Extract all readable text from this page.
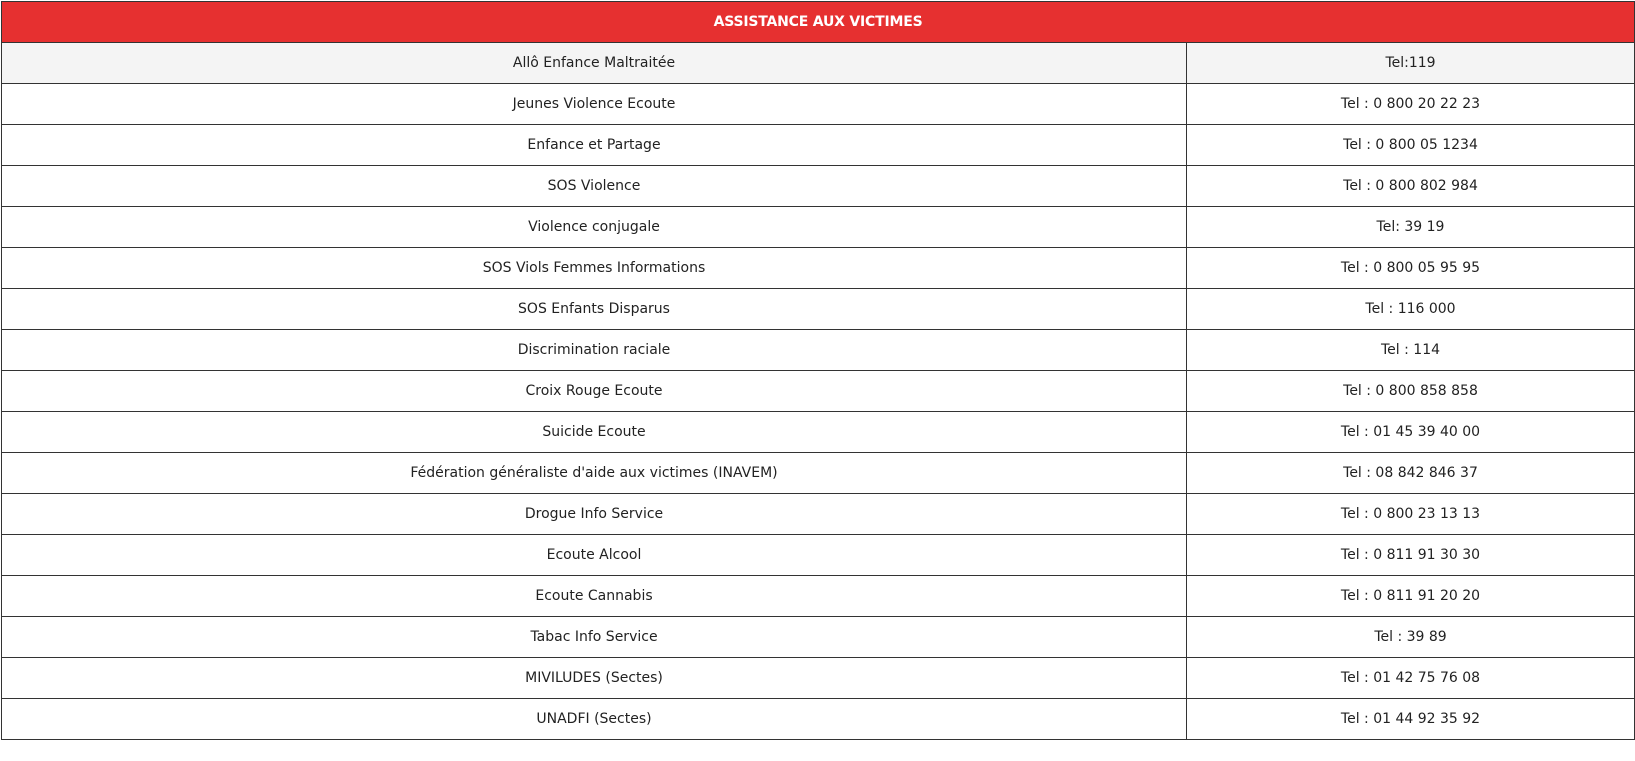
ASSISTANCE AUX VICTIMES	
Allô Enfance Maltraitée	Tel:119
Jeunes Violence Ecoute	Tel : 0 800 20 22 23
Enfance et Partage	Tel : 0 800 05 1234
SOS Violence	Tel : 0 800 802 984
Violence conjugale	Tel: 39 19
SOS Viols Femmes Informations	Tel : 0 800 05 95 95
SOS Enfants Disparus	Tel : 116 000
Discrimination raciale	Tel : 114
Croix Rouge Ecoute	Tel : 0 800 858 858
Suicide Ecoute	Tel : 01 45 39 40 00
Fédération généraliste d'aide aux victimes (INAVEM)	Tel : 08 842 846 37
Drogue Info Service	Tel : 0 800 23 13 13
Ecoute Alcool	Tel : 0 811 91 30 30
Ecoute Cannabis	Tel : 0 811 91 20 20
Tabac Info Service	Tel : 39 89
MIVILUDES (Sectes)	Tel : 01 42 75 76 08
UNADFI (Sectes)	Tel : 01 44 92 35 92
